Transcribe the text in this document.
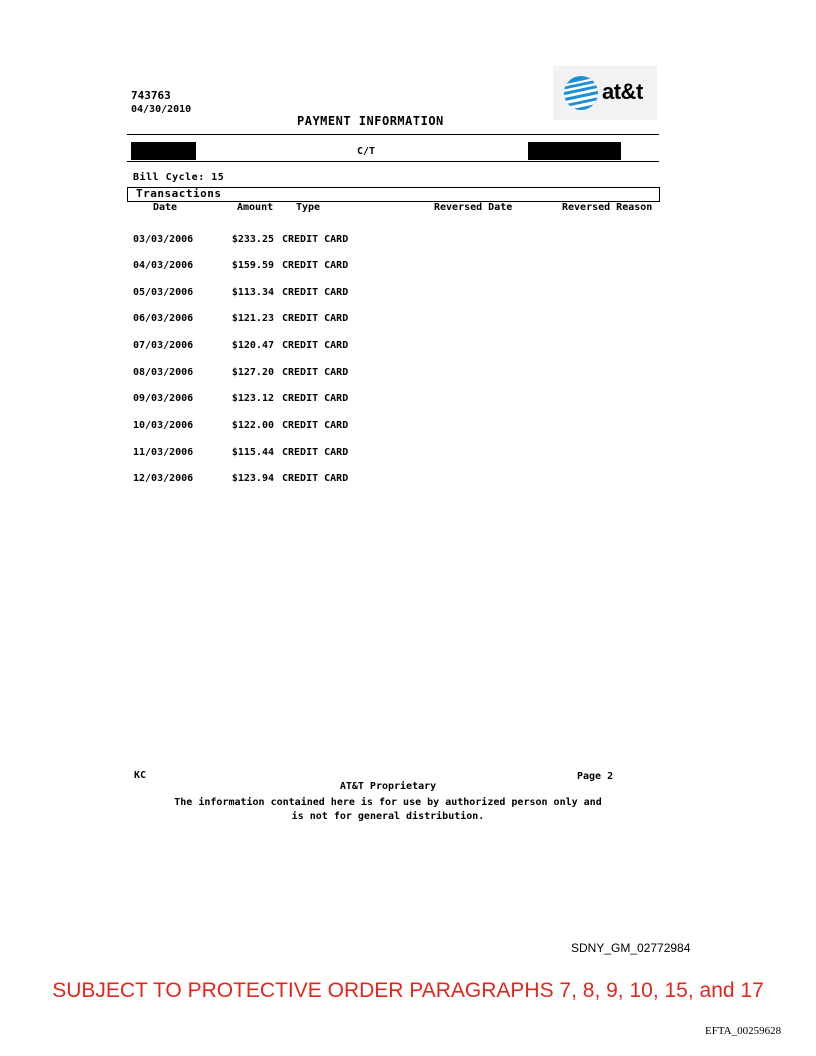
743763
04/30/2010
PAYMENT INFORMATION
at&t
C/T
Bill Cycle: 15
Transactions
Date	Amount Type	Reversed Date	Reversed Reason
03/03/2006	$233.25 CREDIT CARD
04/03/2006	$159.59 CREDIT CARD
05/03/2006	$113.34 CREDIT CARD
06/03/2006	$121.23 CREDIT CARD
07/03/2006	$120.47 CREDIT CARD
08/03/2006	$127.20 CREDIT CARD
09/03/2006	$123.12 CREDIT CARD
10/03/2006	$122.00 CREDIT CARD
11/03/2006	$115.44 CREDIT CARD
12/03/2006	$123.94 CREDIT CARD
KC	Page 2
AT&T Proprietary
The information contained here is for use by authorized person only and
is not for general distribution.
SDNY_GM_02772984
SUBJECT TO PROTECTIVE ORDER PARAGRAPHS 7, 8, 9, 10, 15, and 17
EFTA_00259628
